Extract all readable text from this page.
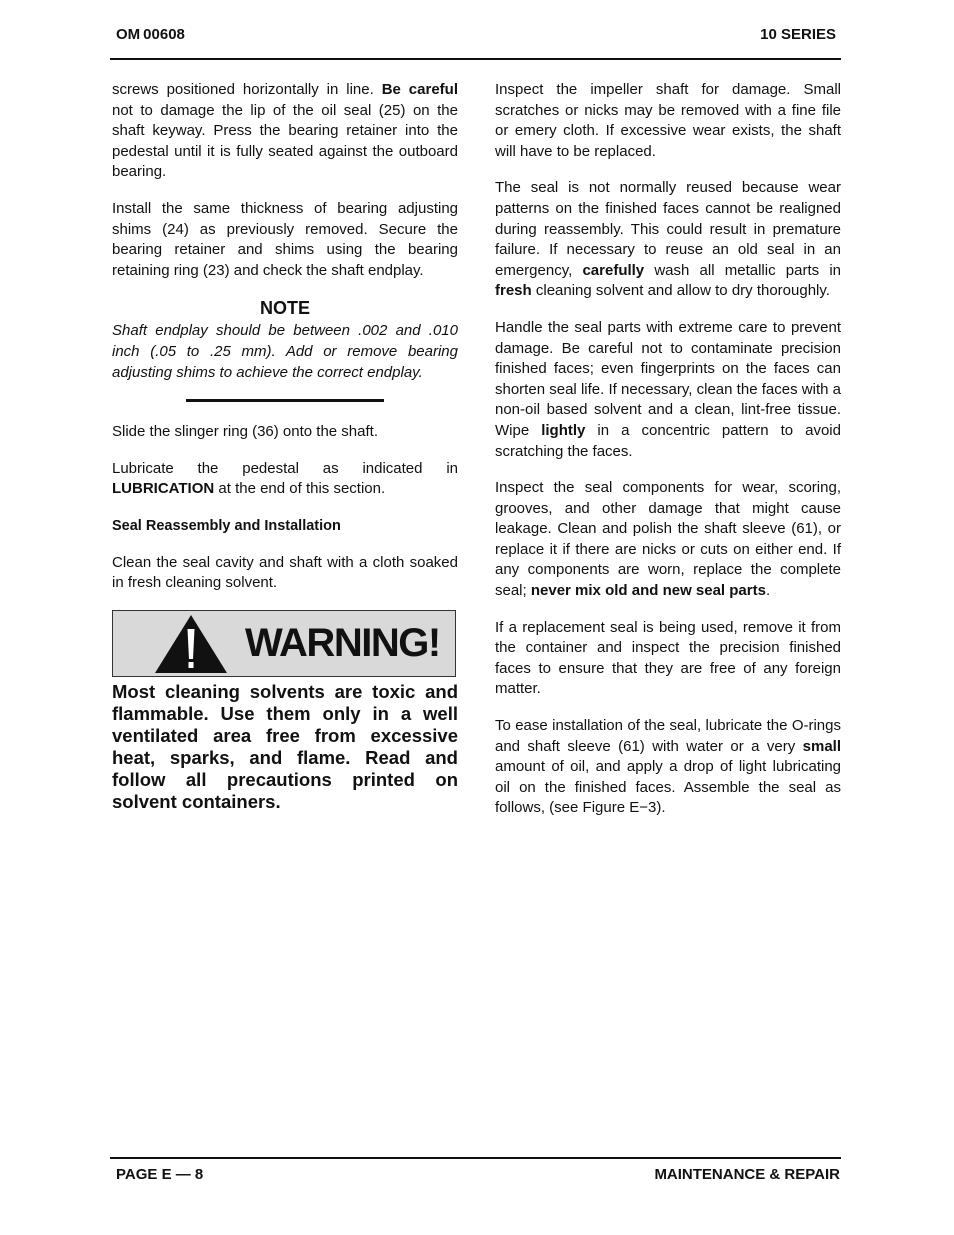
OM 00608	10 SERIES

screws positioned horizontally in line. Be careful not to damage the lip of the oil seal (25) on the shaft keyway. Press the bearing retainer into the pedestal until it is fully seated against the outboard bearing.

Install the same thickness of bearing adjusting shims (24) as previously removed. Secure the bearing retainer and shims using the bearing retaining ring (23) and check the shaft endplay.

NOTE

Shaft endplay should be between .002 and .010 inch (.05 to .25 mm). Add or remove bearing adjusting shims to achieve the correct endplay.

Slide the slinger ring (36) onto the shaft.

Lubricate the pedestal as indicated in LUBRICATION at the end of this section.

Seal Reassembly and Installation

Clean the seal cavity and shaft with a cloth soaked in fresh cleaning solvent.

WARNING!
Most cleaning solvents are toxic and flammable. Use them only in a well ventilated area free from excessive heat, sparks, and flame. Read and follow all precautions printed on solvent containers.

Inspect the impeller shaft for damage. Small scratches or nicks may be removed with a fine file or emery cloth. If excessive wear exists, the shaft will have to be replaced.

The seal is not normally reused because wear patterns on the finished faces cannot be realigned during reassembly. This could result in premature failure. If necessary to reuse an old seal in an emergency, carefully wash all metallic parts in fresh cleaning solvent and allow to dry thoroughly.

Handle the seal parts with extreme care to prevent damage. Be careful not to contaminate precision finished faces; even fingerprints on the faces can shorten seal life. If necessary, clean the faces with a non-oil based solvent and a clean, lint-free tissue. Wipe lightly in a concentric pattern to avoid scratching the faces.

Inspect the seal components for wear, scoring, grooves, and other damage that might cause leakage. Clean and polish the shaft sleeve (61), or replace it if there are nicks or cuts on either end. If any components are worn, replace the complete seal; never mix old and new seal parts.

If a replacement seal is being used, remove it from the container and inspect the precision finished faces to ensure that they are free of any foreign matter.

To ease installation of the seal, lubricate the O-rings and shaft sleeve (61) with water or a very small amount of oil, and apply a drop of light lubricating oil on the finished faces. Assemble the seal as follows, (see Figure E−3).

PAGE E — 8	MAINTENANCE & REPAIR
